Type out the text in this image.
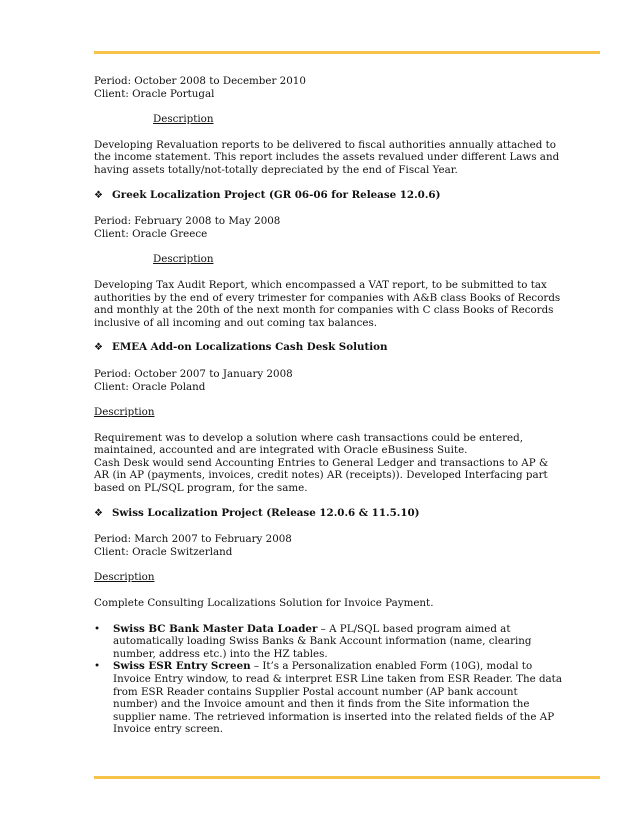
Period: October 2008 to December 2010

Client: Oracle Portugal

Description

Developing Revaluation reports to be delivered to fiscal authorities annually attached to the income statement. This report includes the assets revalued under different Laws and having assets totally/not-totally depreciated by the end of Fiscal Year.

❖ Greek Localization Project (GR 06-06 for Release 12.0.6)

Period: February 2008 to May 2008

Client: Oracle Greece

Description

Developing Tax Audit Report, which encompassed a VAT report, to be submitted to tax authorities by the end of every trimester for companies with A&B class Books of Records and monthly at the 20th of the next month for companies with C class Books of Records inclusive of all incoming and out coming tax balances.

❖ EMEA Add-on Localizations Cash Desk Solution

Period: October 2007 to January 2008

Client: Oracle Poland

Description

Requirement was to develop a solution where cash transactions could be entered, maintained, accounted and are integrated with Oracle eBusiness Suite.

Cash Desk would send Accounting Entries to General Ledger and transactions to AP & AR (in AP (payments, invoices, credit notes) AR (receipts)). Developed Interfacing part based on PL/SQL program, for the same.

❖ Swiss Localization Project (Release 12.0.6 & 11.5.10)

Period: March 2007 to February 2008

Client: Oracle Switzerland

Description

Complete Consulting Localizations Solution for Invoice Payment.

• Swiss BC Bank Master Data Loader – A PL/SQL based program aimed at automatically loading Swiss Banks & Bank Account information (name, clearing number, address etc.) into the HZ tables.
• Swiss ESR Entry Screen – It’s a Personalization enabled Form (10G), modal to Invoice Entry window, to read & interpret ESR Line taken from ESR Reader. The data from ESR Reader contains Supplier Postal account number (AP bank account number) and the Invoice amount and then it finds from the Site information the supplier name. The retrieved information is inserted into the related fields of the AP Invoice entry screen.
